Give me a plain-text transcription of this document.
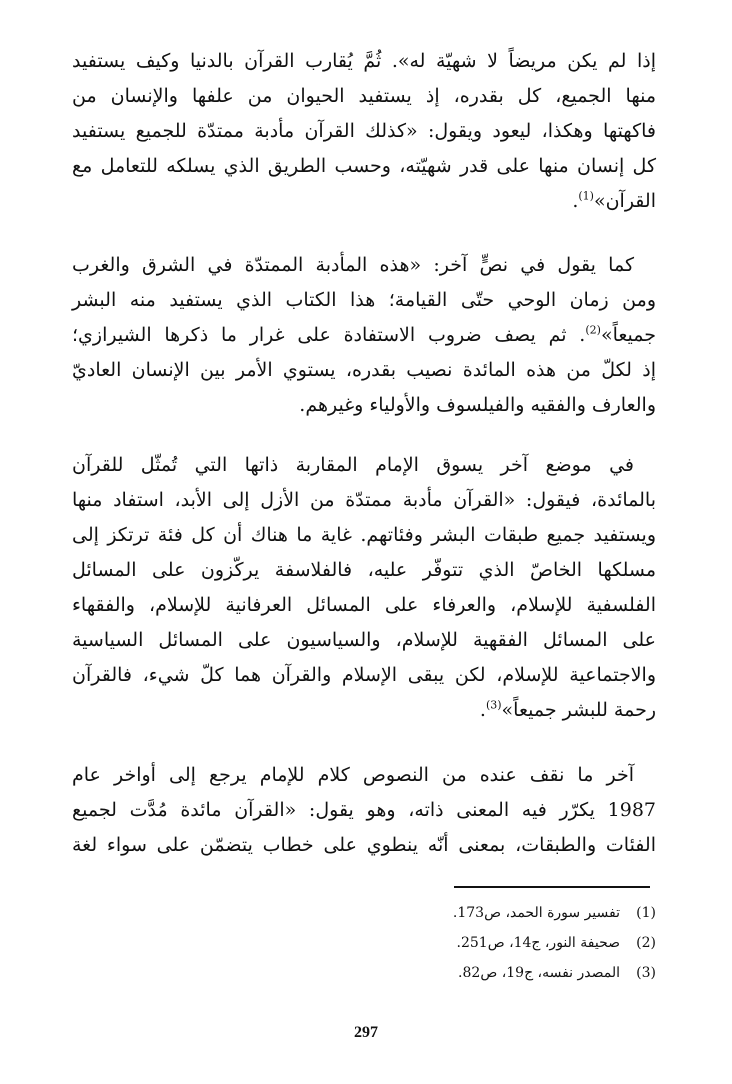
إذا لم يكن مريضاً لا شهيّة له». ثُمَّ يُقارب القرآن بالدنيا وكيف يستفيد
منها الجميع، كل بقدره، إذ يستفيد الحيوان من علفها والإنسان من
فاكهتها وهكذا، ليعود ويقول: «كذلك القرآن مأدبة ممتدّة للجميع يستفيد
كل إنسان منها على قدر شهيّته، وحسب الطريق الذي يسلكه للتعامل مع
القرآن»$^{(1)}$.
كما يقول في نصٍّ آخر: «هذه المأدبة الممتدّة في الشرق والغرب
ومن زمان الوحي حتّى القيامة؛ هذا الكتاب الذي يستفيد منه البشر
جميعاً»$^{(2)}$. ثم يصف ضروب الاستفادة على غرار ما ذكرها الشيرازي؛
إذ لكلّ من هذه المائدة نصيب بقدره، يستوي الأمر بين الإنسان العاديّ
والعارف والفقيه والفيلسوف والأولياء وغيرهم.
في موضع آخر يسوق الإمام المقاربة ذاتها التي تُمثّل للقرآن
بالمائدة، فيقول: «القرآن مأدبة ممتدّة من الأزل إلى الأبد، استفاد منها
ويستفيد جميع طبقات البشر وفئاتهم. غاية ما هناك أن كل فئة ترتكز إلى
مسلكها الخاصّ الذي تتوفّر عليه، فالفلاسفة يركّزون على المسائل
الفلسفية للإسلام، والعرفاء على المسائل العرفانية للإسلام، والفقهاء
على المسائل الفقهية للإسلام، والسياسيون على المسائل السياسية
والاجتماعية للإسلام، لكن يبقى الإسلام والقرآن هما كلّ شيء، فالقرآن
رحمة للبشر جميعاً»$^{(3)}$.
آخر ما نقف عنده من النصوص كلام للإمام يرجع إلى أواخر عام
1987 يكرّر فيه المعنى ذاته، وهو يقول: «القرآن مائدة مُدَّت لجميع
الفئات والطبقات، بمعنى أنّه ينطوي على خطاب يتضمّن على سواء لغة
(1)
تفسير سورة الحمد، ص173.
(2)
صحيفة النور، ج14، ص251.
(3)
المصدر نفسه، ج19، ص82.
297
